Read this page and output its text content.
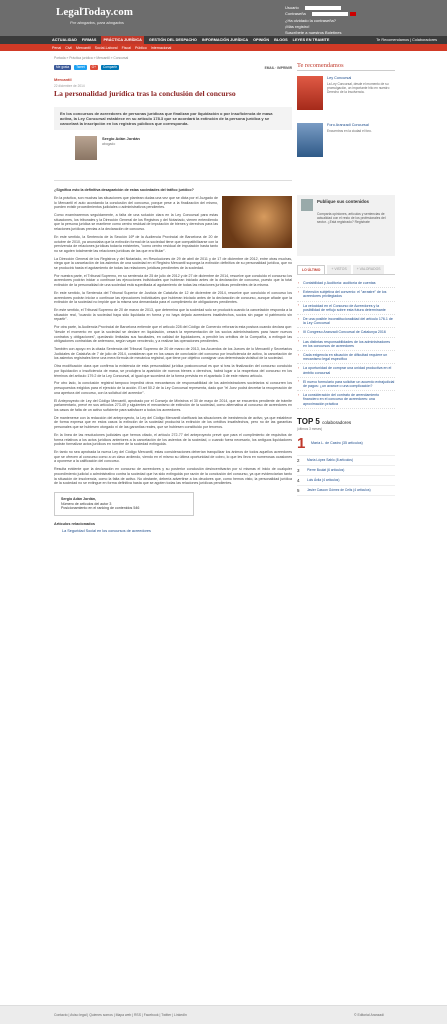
LegalToday.com
Por abogados, para abogados
Usuario
Contraseña
¿Ha olvidado la contraseña?
¡Más registro!
Suscríbete a nuestros Boletines
ACTUALIDAD FIRMAS	PRÁCTICA JURÍDICA	GESTIÓN DEL DESPACHO INFORMACIÓN JURÍDICA OPINIÓN BLOGS LEYES EN TRAMITE	Te Recomendamos | Colaboradores
Penal Civil Mercantil Social-Laboral Fiscal Público Internacional
Portada » Práctica jurídica » Mercantil » Concursal
Me gusta	Tweet	G+	Compartir	EMAIL · IMPRIMIR
Mercantil
22 diciembre de 2014
La personalidad jurídica tras la conclusión del concurso
En los concursos de acreedores de personas jurídicas que finalizan por liquidación o por insuficiencia de masa activa, la Ley Concursal establece en su artículo 178.3 que se acordará la extinción de la persona jurídica y se cancelará la inscripción en los registros públicos que corresponda.
Sergio Adán Jordán
abogado

¿Significa esto la definitiva desaparición de estas sociedades del tráfico jurídico?

En la práctica, son muchas las situaciones que plantean dudas una vez que se dicta por el Juzgado de lo Mercantil el auto acordando la conclusión del concurso, porque pese a la finalización del mismo, pueden existir procedimientos judiciales o administrativos pendientes.

Como examinaremos seguidamente, a falta de una solución clara en la Ley Concursal para estas situaciones, los tribunales y la Dirección General de los Registros y del Notariado, vienen entendiendo que la persona jurídica se mantiene como centro residual de imputación de bienes y derechos para las relaciones jurídicas previas a la declaración de concurso.

En este sentido, la Sentencia de la Sección 16ª de la Audiencia Provincial de Barcelona de 20 de octubre de 2010, ya anunciaba que la extinción formal de la sociedad tiene que compatibilizarse con la pervivencia de relaciones jurídicas todavía existentes, "como centro residual de imputación hasta tanto no se agoten totalmente las relaciones jurídicas de las que era titular".

La Dirección General de los Registros y del Notariado, en Resoluciones de 29 de abril de 2011 y de 17 de diciembre de 2012, entre otras muchas, niega que la cancelación de los asientos de una sociedad en el Registro Mercantil suponga la extinción definitiva de su personalidad jurídica, que no se producirá hasta el agotamiento de todas las relaciones jurídicas pendientes de la sociedad.

Por nuestra parte, el Tribunal Supremo, en su sentencia de 25 de julio de 2012 y de 27 de diciembre de 2014, resuelve que concluido el concurso los acreedores podrán iniciar o continuar las ejecuciones individuales que hubieran iniciado antes de la declaración de concurso, puesto que la total extinción de la personalidad de una sociedad está supeditada al agotamiento de todas las relaciones jurídicas pendientes de la misma.

En este sentido, la Sentencia del Tribunal Superior de Justicia de Cataluña de 12 de diciembre de 2014, resuelve que concluido el concurso los acreedores podrán iniciar o continuar las ejecuciones individuales que hubieran iniciado antes de la declaración de concurso, aunque añade que la extinción de la sociedad no impide que la misma sea demandada para el cumplimiento de obligaciones pendientes.

En este sentido, el Tribunal Supremo de 20 de marzo de 2013, que determina que la sociedad solo se producirá cuando la cancelación responda a la situación real, "cuando la sociedad haya sido liquidada en forma y no haya dejado acreedores insatisfechos, socios sin pagar ni patrimonio sin repartir".

Por otra parte, la Audiencia Provincial de Barcelona entiende que el artículo 228 del Código de Comercio reforzaría esta postura cuando declara que: "desde el momento en que la sociedad se declare en liquidación, cesará la representación de los socios administradores para hacer nuevos contratos y obligaciones", quedando limitadas sus facultades, en calidad de liquidadores, a percibir los créditos de la Compañía, a extinguir las obligaciones contraídas de antemano, según vayan venciendo, y a realizar las operaciones pendientes.

También con apoyo en la citada Sentencia del Tribunal Supremo de 20 de marzo de 2013, los Acuerdos de los Jueces de lo Mercantil y Secretarios Judiciales de Cataluña de 7 de julio de 2014, consideran que en los casos de conclusión del concurso por insuficiencia de activo, la cancelación de los asientos registrales tiene una mera fórmula de mecánica registral, que tiene por objetivo consignar una determinada vicisitud de la sociedad.

Otra modificación clara que confirma la existencia de esta personalidad jurídica postconcursal es que si tras la finalización del concurso concluido por liquidación o insuficiencia de masa, se produjera la aparición de nuevos bienes o derechos, habrá lugar a la reapertura del concurso en los términos del artículo 179.2 de la Ley Concursal, al igual que sucederá de la forma prevista en el apartado 3 de este mismo artículo.

Por otro lado, la conclusión registral tampoco impedirá otros mecanismos de responsabilidad de los administradores societarios si concurren los presupuestos exigidos para el ejercicio de la acción. El art 50.2 de la Ley Concursal representa, dado que "el Juez podrá decretar la recuperación de una apertura del concurso, con la solicitud del acreedor".

El Anteproyecto de Ley del Código Mercantil, aprobado por el Consejo de Ministros el 30 de mayo de 2014, que se encuentra pendiente de trámite parlamentario, prevé en sus artículos 273-49 y siguientes el mecanismo de extinción de la sociedad, como alternativa al concurso de acreedores en los casos de falta de un activo suficiente para satisfacer a todos los acreedores.

De mantenerse con la redacción del anteproyecto, la Ley del Código Mercantil clarificará las situaciones de inexistencia de activo, ya que establece de forma expresa que en estos casos la extinción de la sociedad producirá la extinción de los créditos insatisfechos, pero no de las garantías personales que se hubiesen otorgado ni de las garantías reales, que se hubiesen constituido por terceros.

En la línea de las resoluciones judiciales que hemos citado, el artículo 272-77 del anteproyecto prevé que para el cumplimiento de requisitos de forma relativos a los actos jurídicos anteriores a la cancelación de los asientos de la sociedad, o cuando fuera necesario, los antiguos liquidadores podrán formalizar actos jurídicos en nombre de la sociedad extinguida.

En tanto no sea aprobada la nueva Ley del Código Mercantil, estas consideraciones deberían tranquilizar los ánimos de todos aquellos acreedores que se ofrecen al concurso como a un clavo ardiendo, viendo en el mismo su última oportunidad de cobro, lo que les lleva en numerosas ocasiones a oponerse a la calificación del concurso.

Resulta evidente que la declaración en concurso de acreedores y su posterior conclusión desincentivarán por sí mismas el inicio de cualquier procedimiento judicial o administrativo contra la sociedad que ha sido extinguida por razón de la conclusión del concurso, ya que evidenciarían tanto la situación de insolvencia, como la falta de activo. No obstante, debería advertirse a los deudores que, como hemos visto, la personalidad jurídica de la sociedad no se extingue en forma definitiva hasta que se agoten todas las relaciones jurídicas pendientes.

Sergio Adán Jordán,
Número de artículos del autor 3
Posicionamiento en el ranking de contenidos 546
Artículos relacionados
La Seguridad Social en los concursos de acreedores
Te recomendamos
Ley Concursal
La Ley Concursal, desde el momento de su promulgación, un importante hito en nuestro Derecho de la Insolvencia.
Foro Aranzadi Concursal
Encuentros en la ciudad el foro.
Publique sus contenidos
Comparta opiniones, artículos y sentencias de actualidad con el resto de los profesionales del sector. ¿Está registrado? Regístrate
LO ÚLTIMO	+ VISTOS	+ VALORADOS
› Contabilidad y Auditoría: auditoría de cuentas
› Extensión subjetiva del convenio: el "arrastre" de los acreedores privilegiados
› La velocidad en el Concurso de Acreedores y la posibilidad de reflujo sobre esta futura determinante
› De una posible inconstitucionalidad del artículo 176.1 de la Ley Concursal
› III Congreso Aranzadi Concursal de Catalunya 2016
› Las distintas responsabilidades de los administradores en los concursos de acreedores
› Cada exigencia en situación de dificultad requiere un mecanismo legal específico
› La oportunidad de comprar una unidad productiva en el ámbito concursal
› El nuevo formulario para solicitar un acuerdo extrajudicial de pagos: ¿un avance o una complicación?
› La consideración del contrato de arrendamiento financiero en el concurso de acreedores: una aproximación práctica
TOP 5 colaboradores
(últimos 3 meses)
1	María L. de Castro (35 artículos)
2	María López Sablo (8 artículos)
3	Pierre Boulat (6 artículos)
4	Luis Ávila (4 artículos)
5	Javier Cascon Gómez de Celis (4 artículos)
Contacto | Aviso legal | Quienes somos | Mapa web | RSS | Facebook | Twitter | LinkedIn	© Editorial Aranzadi
